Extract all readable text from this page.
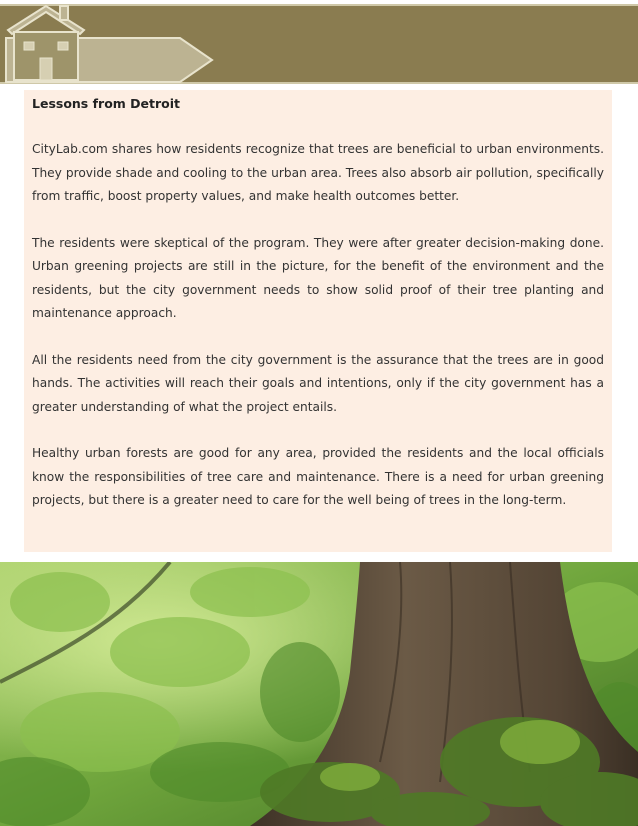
Lessons from Detroit

CityLab.com shares how residents recognize that trees are beneficial to urban environments. They provide shade and cooling to the urban area. Trees also absorb air pollution, specifically from traffic, boost property values, and make health outcomes better.

The residents were skeptical of the program. They were after greater decision-making done. Urban greening projects are still in the picture, for the benefit of the environment and the residents, but the city government needs to show solid proof of their tree planting and maintenance approach.

All the residents need from the city government is the assurance that the trees are in good hands. The activities will reach their goals and intentions, only if the city government has a greater understanding of what the project entails.

Healthy urban forests are good for any area, provided the residents and the local officials know the responsibilities of tree care and maintenance. There is a need for urban greening projects, but there is a greater need to care for the well being of trees in the long-term.
